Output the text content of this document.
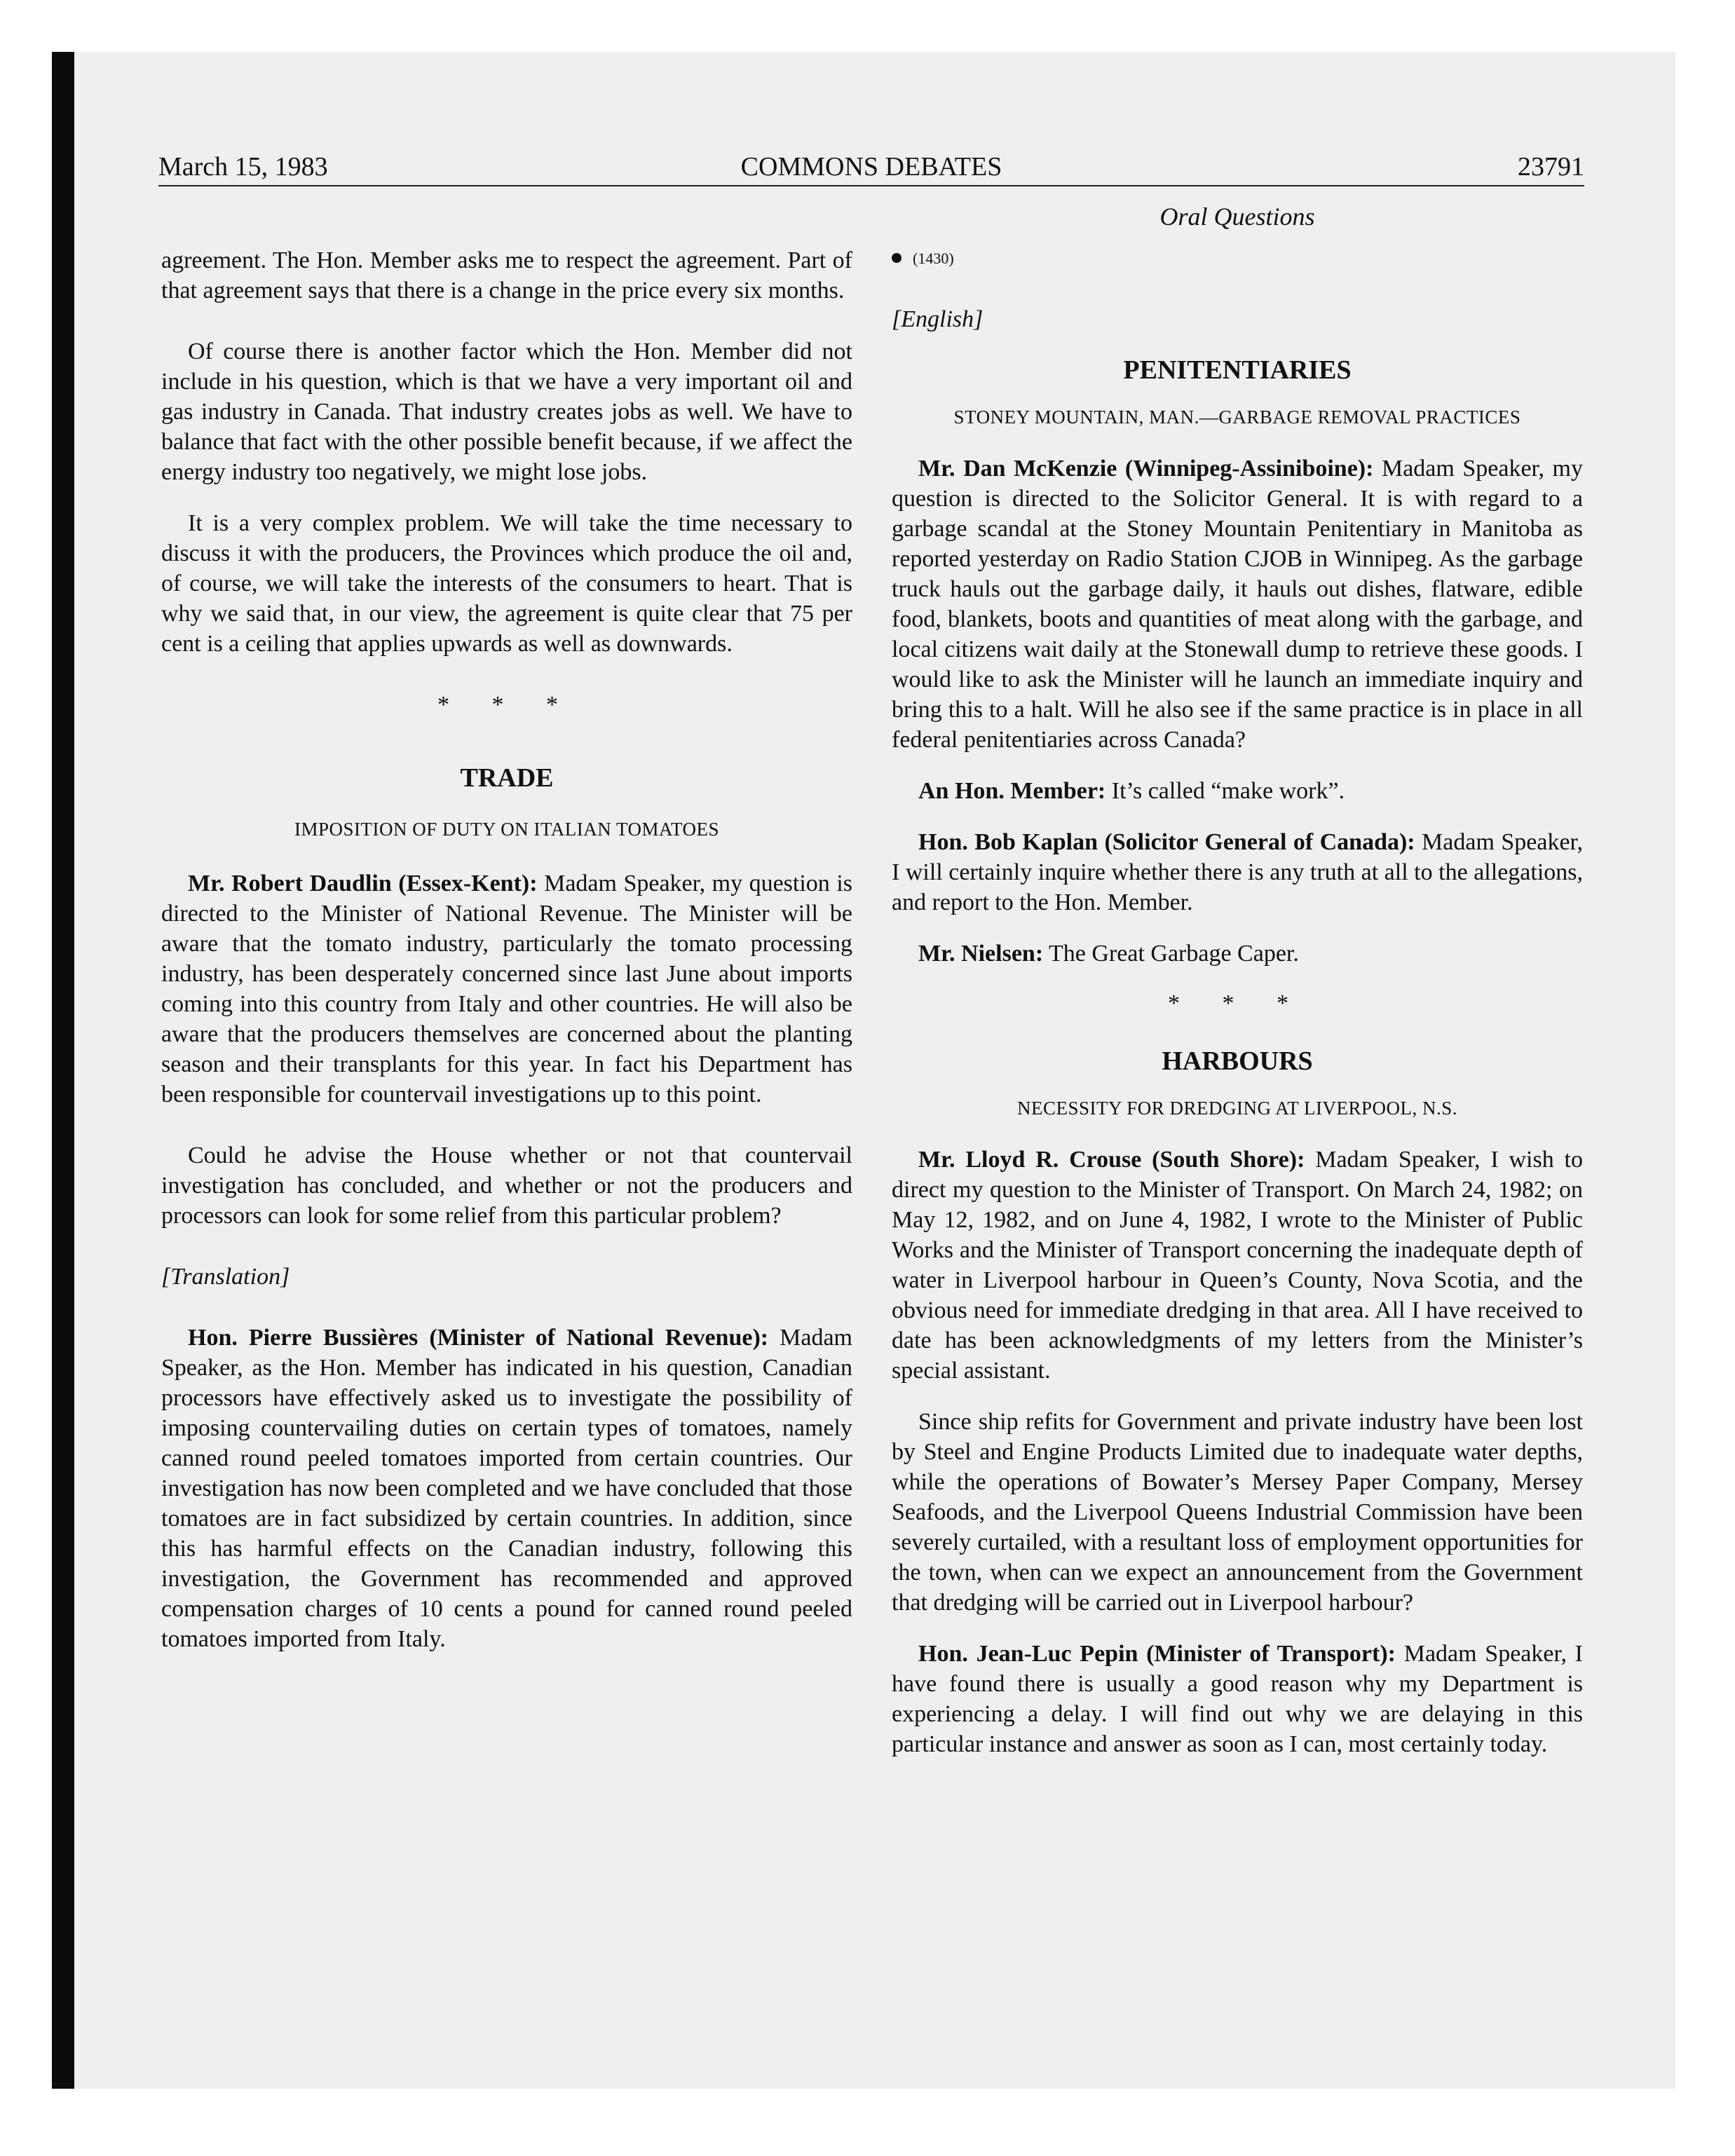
March 15, 1983	COMMONS DEBATES	23791
Oral Questions

agreement. The Hon. Member asks me to respect the agreement. Part of that agreement says that there is a change in the price every six months.

Of course there is another factor which the Hon. Member did not include in his question, which is that we have a very important oil and gas industry in Canada. That industry creates jobs as well. We have to balance that fact with the other possible benefit because, if we affect the energy industry too negatively, we might lose jobs.

It is a very complex problem. We will take the time necessary to discuss it with the producers, the Provinces which produce the oil and, of course, we will take the interests of the consumers to heart. That is why we said that, in our view, the agreement is quite clear that 75 per cent is a ceiling that applies upwards as well as downwards.

* * *

TRADE

IMPOSITION OF DUTY ON ITALIAN TOMATOES

Mr. Robert Daudlin (Essex-Kent): Madam Speaker, my question is directed to the Minister of National Revenue. The Minister will be aware that the tomato industry, particularly the tomato processing industry, has been desperately concerned since last June about imports coming into this country from Italy and other countries. He will also be aware that the producers themselves are concerned about the planting season and their transplants for this year. In fact his Department has been responsible for countervail investigations up to this point.

Could he advise the House whether or not that countervail investigation has concluded, and whether or not the producers and processors can look for some relief from this particular problem?

[Translation]

Hon. Pierre Bussières (Minister of National Revenue): Madam Speaker, as the Hon. Member has indicated in his question, Canadian processors have effectively asked us to investigate the possibility of imposing countervailing duties on certain types of tomatoes, namely canned round peeled tomatoes imported from certain countries. Our investigation has now been completed and we have concluded that those tomatoes are in fact subsidized by certain countries. In addition, since this has harmful effects on the Canadian industry, following this investigation, the Government has recommended and approved compensation charges of 10 cents a pound for canned round peeled tomatoes imported from Italy.

(1430)

[English]

PENITENTIARIES

STONEY MOUNTAIN, MAN.—GARBAGE REMOVAL PRACTICES

Mr. Dan McKenzie (Winnipeg-Assiniboine): Madam Speaker, my question is directed to the Solicitor General. It is with regard to a garbage scandal at the Stoney Mountain Penitentiary in Manitoba as reported yesterday on Radio Station CJOB in Winnipeg. As the garbage truck hauls out the garbage daily, it hauls out dishes, flatware, edible food, blankets, boots and quantities of meat along with the garbage, and local citizens wait daily at the Stonewall dump to retrieve these goods. I would like to ask the Minister will he launch an immediate inquiry and bring this to a halt. Will he also see if the same practice is in place in all federal penitentiaries across Canada?

An Hon. Member: It’s called “make work”.

Hon. Bob Kaplan (Solicitor General of Canada): Madam Speaker, I will certainly inquire whether there is any truth at all to the allegations, and report to the Hon. Member.

Mr. Nielsen: The Great Garbage Caper.

* * *

HARBOURS

NECESSITY FOR DREDGING AT LIVERPOOL, N.S.

Mr. Lloyd R. Crouse (South Shore): Madam Speaker, I wish to direct my question to the Minister of Transport. On March 24, 1982; on May 12, 1982, and on June 4, 1982, I wrote to the Minister of Public Works and the Minister of Transport concerning the inadequate depth of water in Liverpool harbour in Queen’s County, Nova Scotia, and the obvious need for immediate dredging in that area. All I have received to date has been acknowledgments of my letters from the Minister’s special assistant.

Since ship refits for Government and private industry have been lost by Steel and Engine Products Limited due to inadequate water depths, while the operations of Bowater’s Mersey Paper Company, Mersey Seafoods, and the Liverpool Queens Industrial Commission have been severely curtailed, with a resultant loss of employment opportunities for the town, when can we expect an announcement from the Government that dredging will be carried out in Liverpool harbour?

Hon. Jean-Luc Pepin (Minister of Transport): Madam Speaker, I have found there is usually a good reason why my Department is experiencing a delay. I will find out why we are delaying in this particular instance and answer as soon as I can, most certainly today.
